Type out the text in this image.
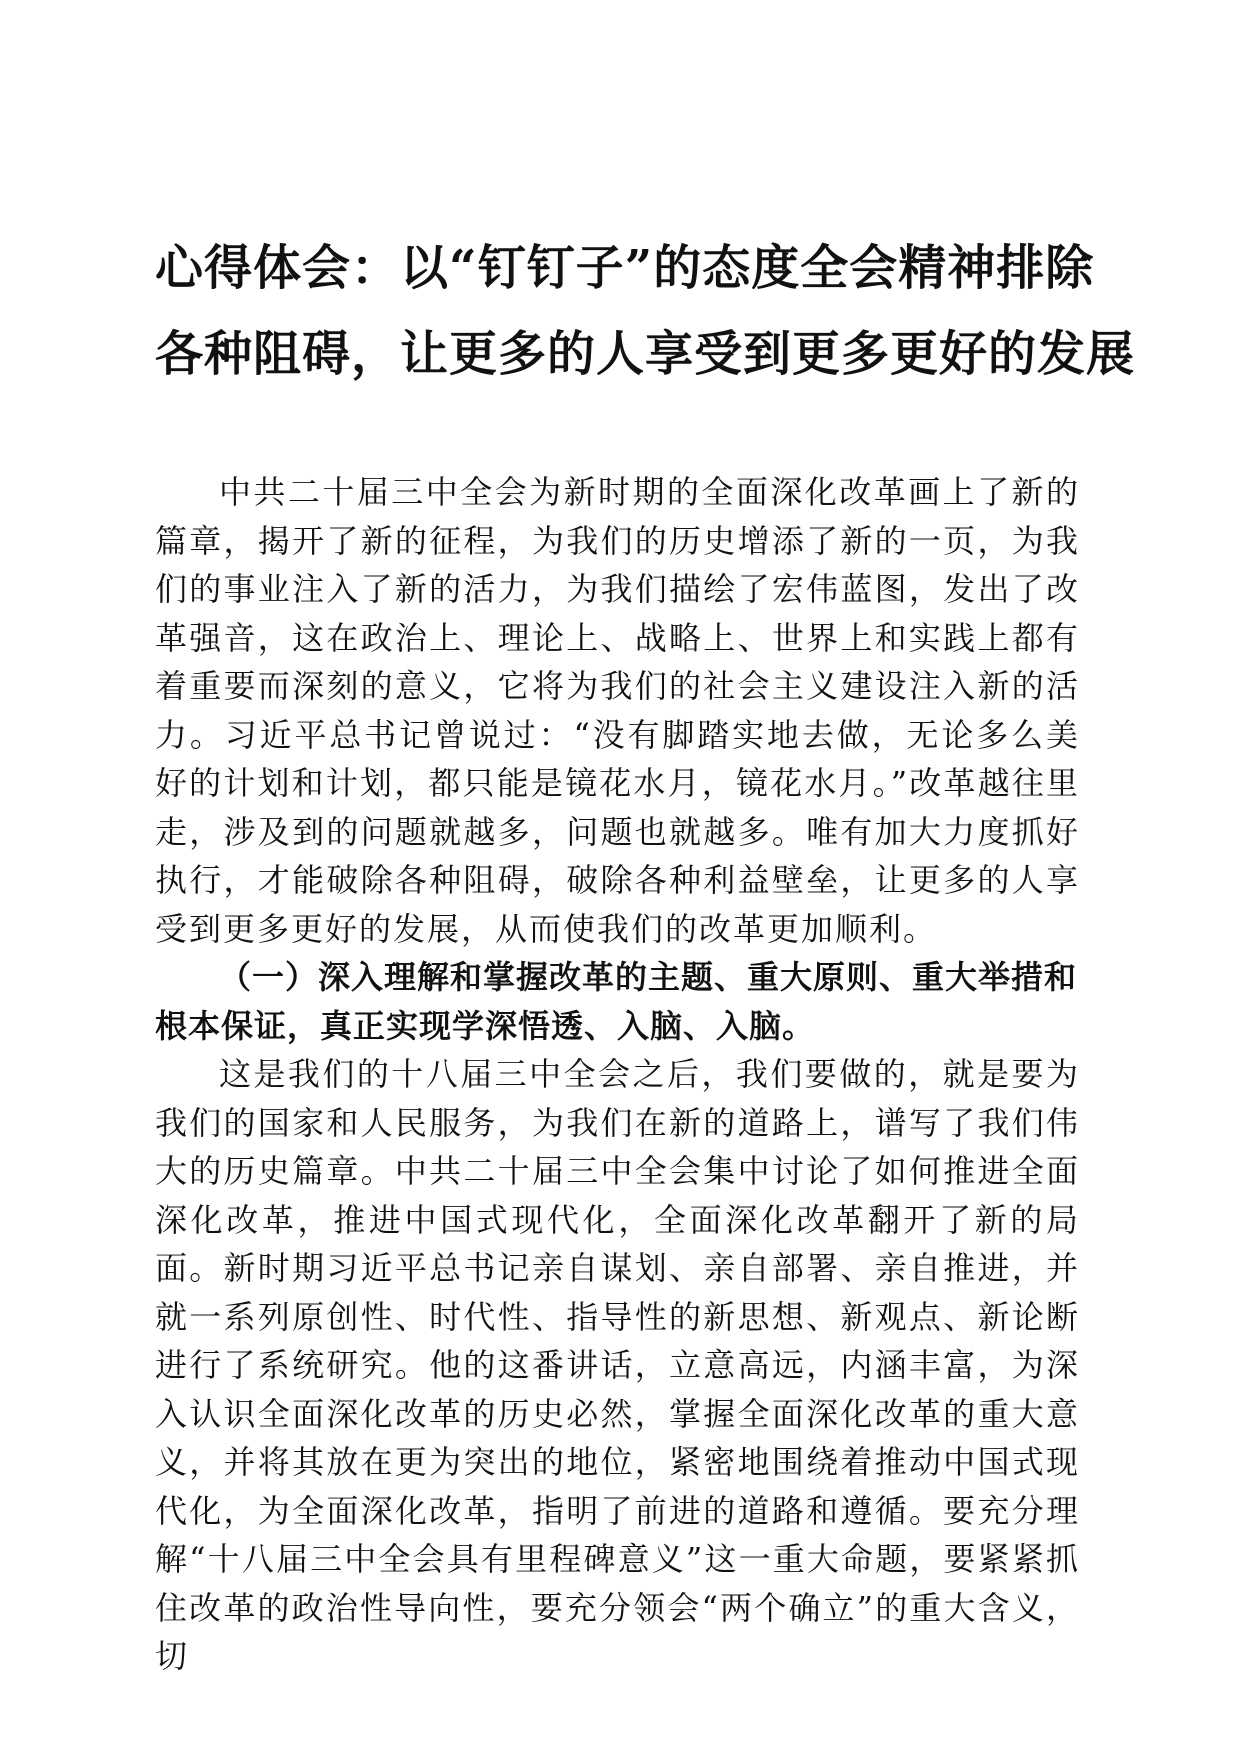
心得体会：以“钉钉子”的态度全会精神排除
各种阻碍，让更多的人享受到更多更好的发展

中共二十届三中全会为新时期的全面深化改革画上了新的篇章，揭开了新的征程，为我们的历史增添了新的一页，为我们的事业注入了新的活力，为我们描绘了宏伟蓝图，发出了改革强音，这在政治上、理论上、战略上、世界上和实践上都有着重要而深刻的意义，它将为我们的社会主义建设注入新的活力。习近平总书记曾说过：“没有脚踏实地去做，无论多么美好的计划和计划，都只能是镜花水月，镜花水月。”改革越往里走，涉及到的问题就越多，问题也就越多。唯有加大力度抓好执行，才能破除各种阻碍，破除各种利益壁垒，让更多的人享受到更多更好的发展，从而使我们的改革更加顺利。

（一）深入理解和掌握改革的主题、重大原则、重大举措和根本保证，真正实现学深悟透、入脑、入脑。

这是我们的十八届三中全会之后，我们要做的，就是要为我们的国家和人民服务，为我们在新的道路上，谱写了我们伟大的历史篇章。中共二十届三中全会集中讨论了如何推进全面深化改革，推进中国式现代化，全面深化改革翻开了新的局面。新时期习近平总书记亲自谋划、亲自部署、亲自推进，并就一系列原创性、时代性、指导性的新思想、新观点、新论断进行了系统研究。他的这番讲话，立意高远，内涵丰富，为深入认识全面深化改革的历史必然，掌握全面深化改革的重大意义，并将其放在更为突出的地位，紧密地围绕着推动中国式现代化，为全面深化改革，指明了前进的道路和遵循。要充分理解“十八届三中全会具有里程碑意义”这一重大命题，要紧紧抓住改革的政治性导向性，要充分领会“两个确立”的重大含义，切
